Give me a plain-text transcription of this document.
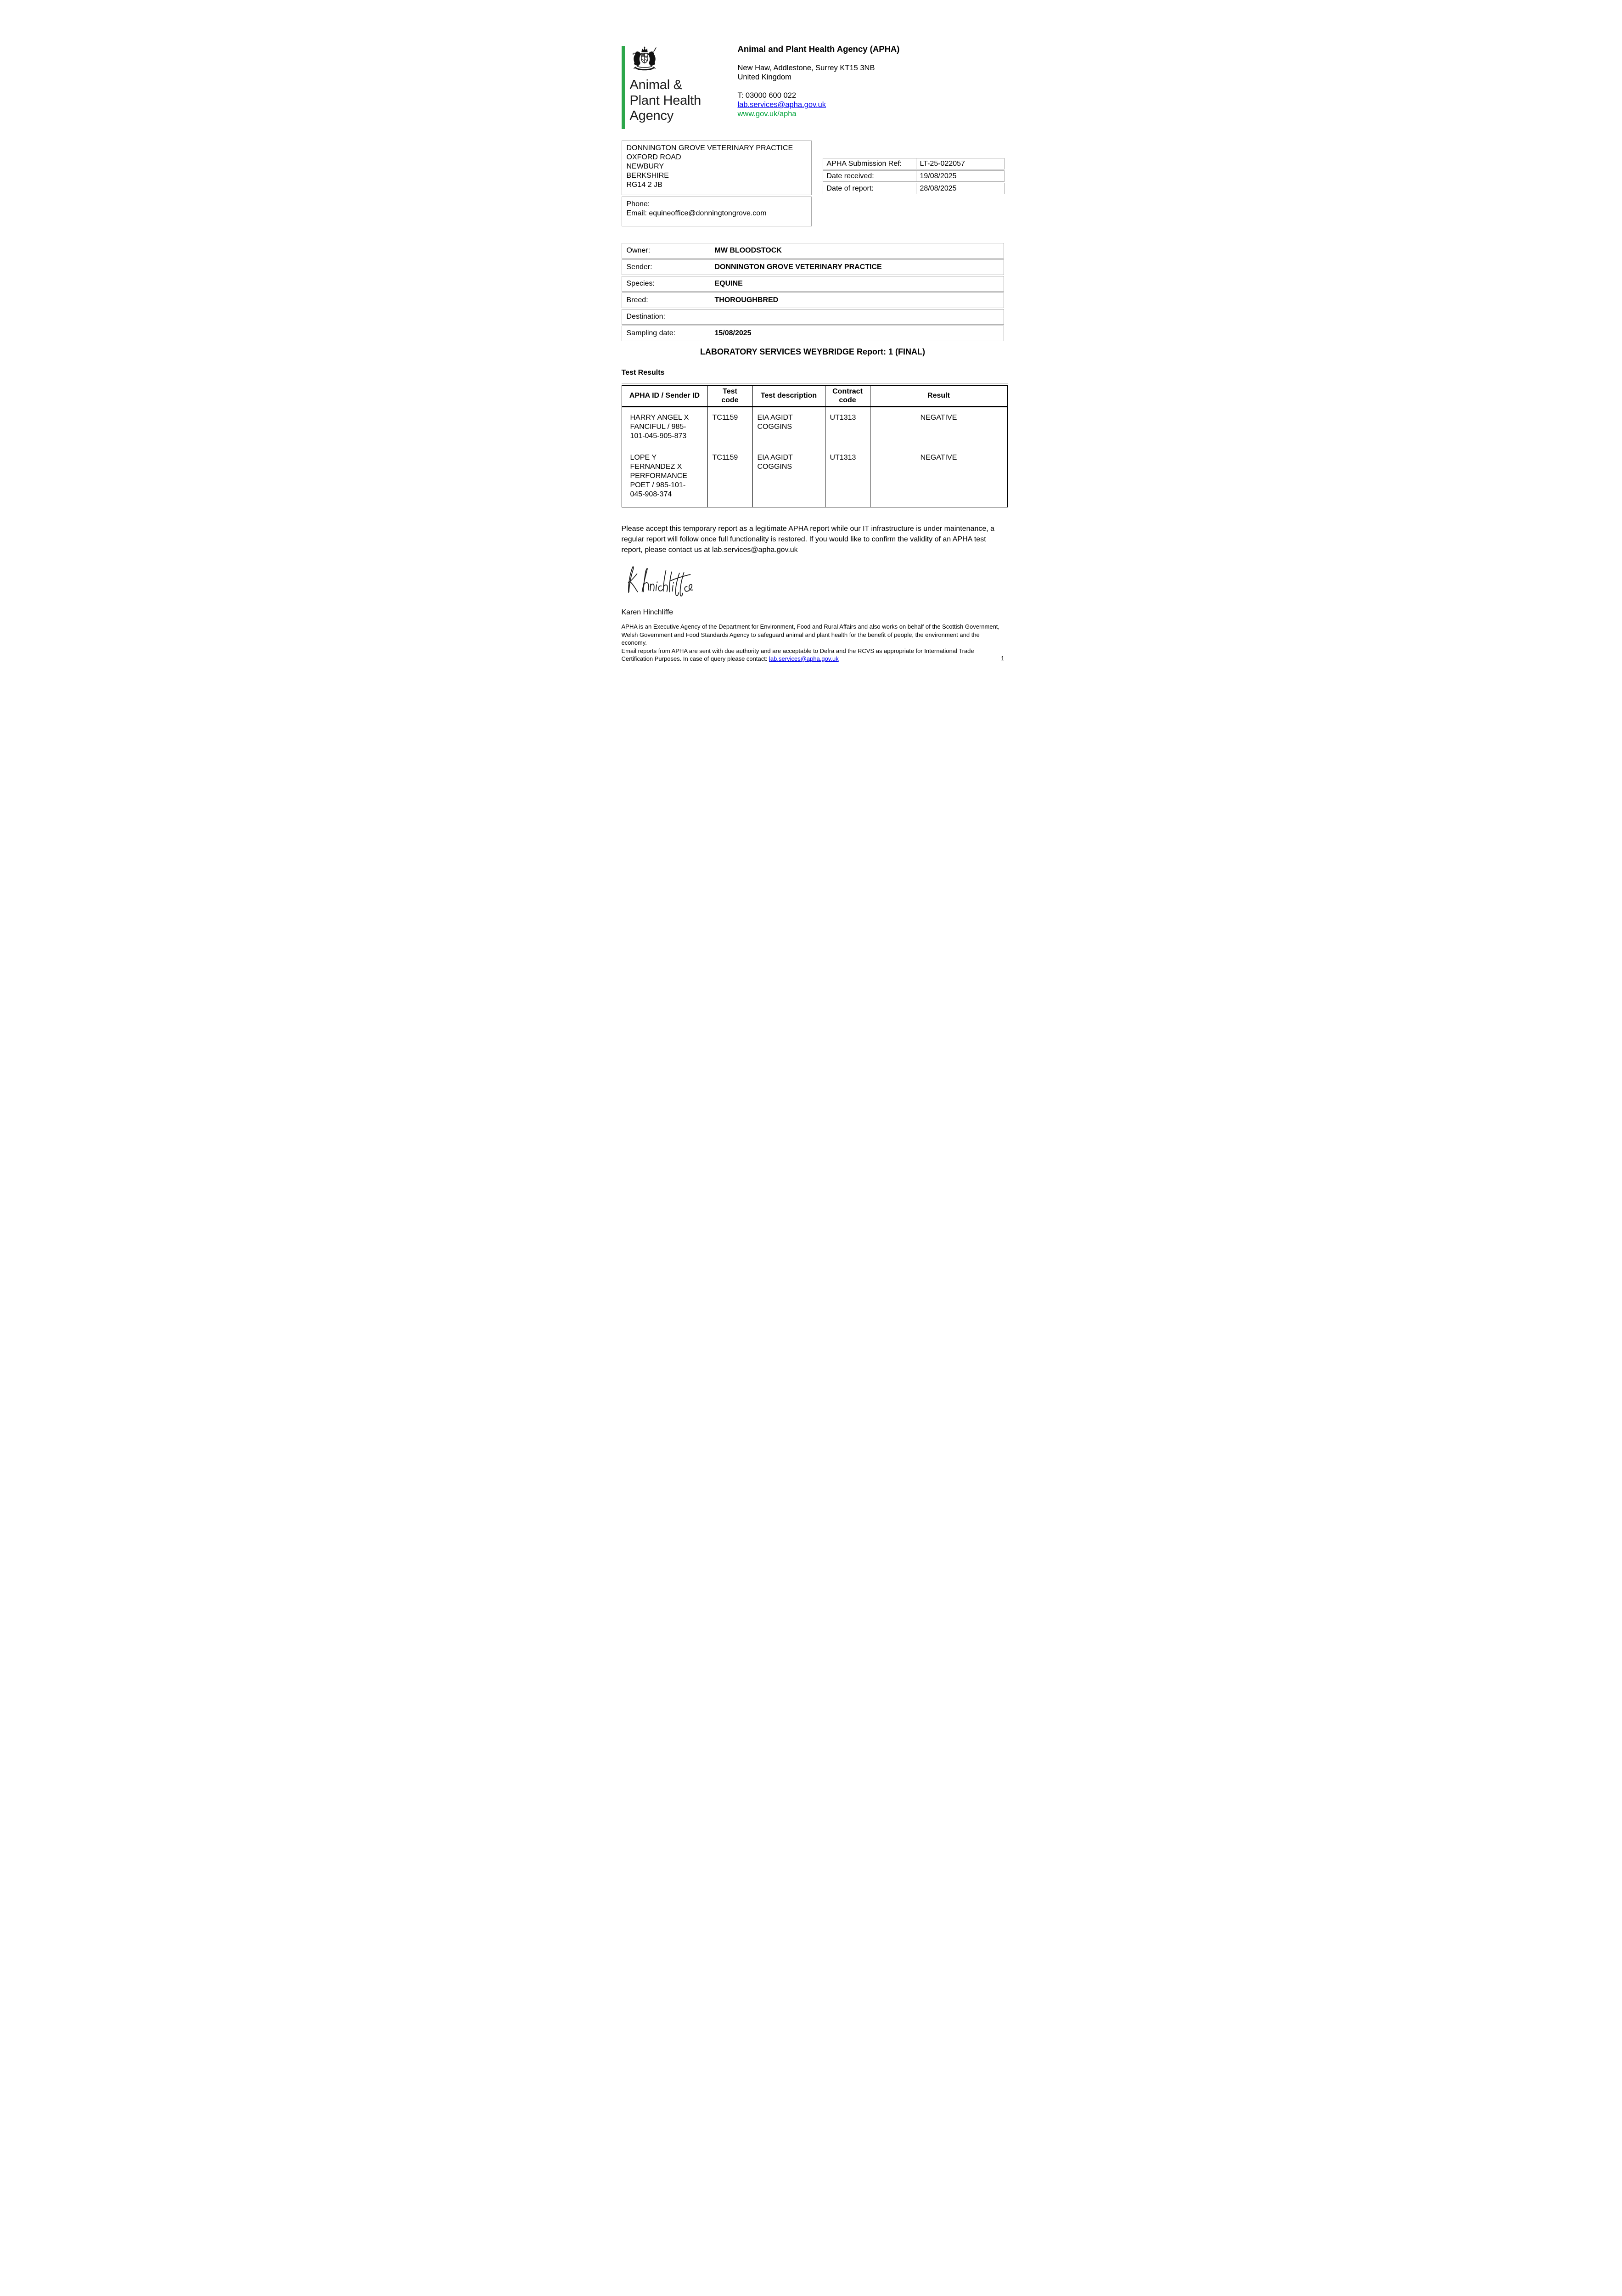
Animal &
Plant Health
Agency
Animal and Plant Health Agency (APHA)
New Haw, Addlestone, Surrey KT15 3NB
United Kingdom
T: 03000 600 022
lab.services@apha.gov.uk
www.gov.uk/apha
DONNINGTON GROVE VETERINARY PRACTICE
OXFORD ROAD
NEWBURY
BERKSHIRE
RG14 2 JB
Phone:
Email: equineoffice@donningtongrove.com
APHA Submission Ref:	LT-25-022057
Date received:	19/08/2025
Date of report:	28/08/2025
Owner:	MW BLOODSTOCK
Sender:	DONNINGTON GROVE VETERINARY PRACTICE
Species:	EQUINE
Breed:	THOROUGHBRED
Destination:	
Sampling date:	15/08/2025
LABORATORY SERVICES WEYBRIDGE Report: 1 (FINAL)
Test Results
APHA ID / Sender ID	Test code	Test description	Contract code	Result
HARRY ANGEL X FANCIFUL / 985-101-045-905-873	TC1159	EIA AGIDT COGGINS	UT1313	NEGATIVE
LOPE Y FERNANDEZ X PERFORMANCE POET / 985-101-045-908-374	TC1159	EIA AGIDT COGGINS	UT1313	NEGATIVE
Please accept this temporary report as a legitimate APHA report while our IT infrastructure is under maintenance, a regular report will follow once full functionality is restored. If you would like to confirm the validity of an APHA test report, please contact us at lab.services@apha.gov.uk
Karen Hinchliffe

APHA is an Executive Agency of the Department for Environment, Food and Rural Affairs and also works on behalf of the Scottish Government, Welsh Government and Food Standards Agency to safeguard animal and plant health for the benefit of people, the environment and the economy.

Email reports from APHA are sent with due authority and are acceptable to Defra and the RCVS as appropriate for International Trade Certification Purposes. In case of query please contact: lab.services@apha.gov.uk	1
